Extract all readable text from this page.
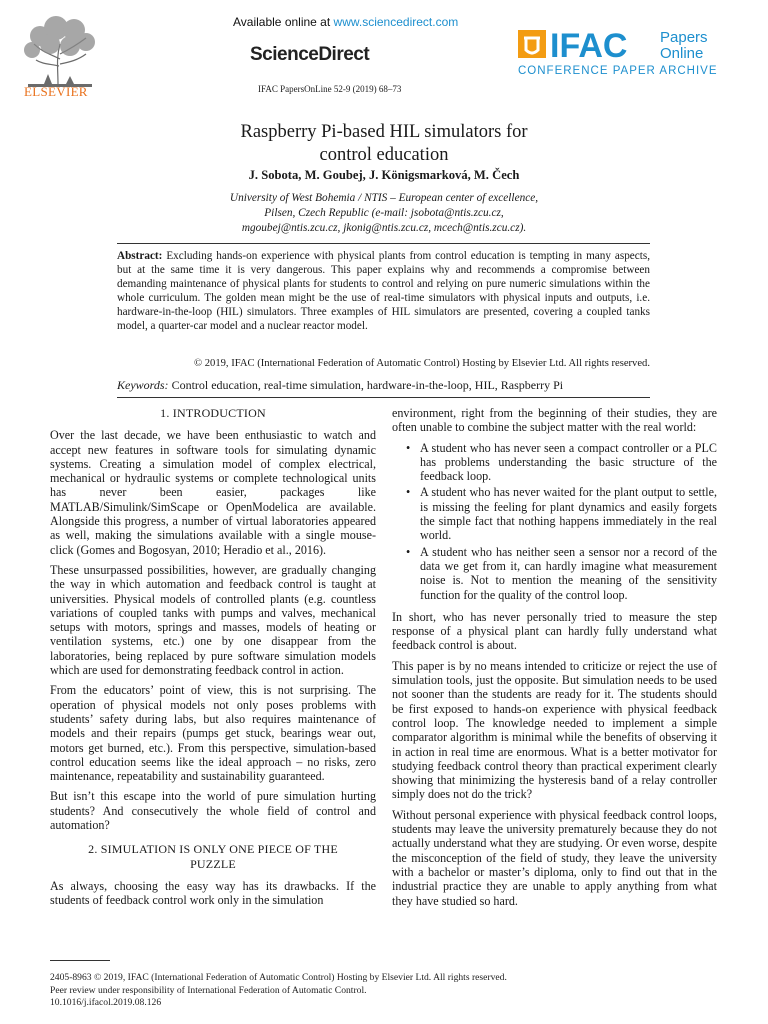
ELSEVIER
Available online at www.sciencedirect.com
ScienceDirect
IFAC PapersOnLine 52-9 (2019) 68–73
IFAC Papers
Online
CONFERENCE PAPER ARCHIVE
Raspberry Pi-based HIL simulators for
control education
J. Sobota, M. Goubej, J. Königsmarková, M. Čech
University of West Bohemia / NTIS – European center of excellence,
Pilsen, Czech Republic (e-mail: jsobota@ntis.zcu.cz,
mgoubej@ntis.zcu.cz, jkonig@ntis.zcu.cz, mcech@ntis.zcu.cz).
Abstract: Excluding hands-on experience with physical plants from control education is tempting in many aspects, but at the same time it is very dangerous. This paper explains why and recommends a compromise between demanding maintenance of physical plants for students to control and relying on pure numeric simulations within the whole curriculum. The golden mean might be the use of real-time simulators with physical inputs and outputs, i.e. hardware-in-the-loop (HIL) simulators. Three examples of HIL simulators are presented, covering a coupled tanks model, a quarter-car model and a nuclear reactor model.
© 2019, IFAC (International Federation of Automatic Control) Hosting by Elsevier Ltd. All rights reserved.
Keywords: Control education, real-time simulation, hardware-in-the-loop, HIL, Raspberry Pi
1. INTRODUCTION

Over the last decade, we have been enthusiastic to watch and accept new features in software tools for simulating dynamic systems. Creating a simulation model of complex electrical, mechanical or hydraulic systems or complete technological units has never been easier, packages like MATLAB/Simulink/SimScape or OpenModelica are available. Alongside this progress, a number of virtual laboratories appeared as well, making the simulations available with a single mouse-click (Gomes and Bogosyan, 2010; Heradio et al., 2016).

These unsurpassed possibilities, however, are gradually changing the way in which automation and feedback control is taught at universities. Physical models of controlled plants (e.g. countless variations of coupled tanks with pumps and valves, mechanical setups with motors, springs and masses, models of heating or ventilation systems, etc.) one by one disappear from the laboratories, being replaced by pure software simulation models which are used for demonstrating feedback control in action.

From the educators’ point of view, this is not surprising. The operation of physical models not only poses problems with students’ safety during labs, but also requires maintenance of models and their repairs (pumps get stuck, bearings wear out, motors get burned, etc.). From this perspective, simulation-based control education seems like the ideal approach – no risks, zero maintenance, repeatability and sustainability guaranteed.

But isn’t this escape into the world of pure simulation hurting students? And consecutively the whole field of control and automation?

2. SIMULATION IS ONLY ONE PIECE OF THE
PUZZLE

As always, choosing the easy way has its drawbacks. If the students of feedback control work only in the simulation

environment, right from the beginning of their studies, they are often unable to combine the subject matter with the real world:

• A student who has never seen a compact controller or a PLC has problems understanding the basic structure of the feedback loop.
• A student who has never waited for the plant output to settle, is missing the feeling for plant dynamics and easily forgets the simple fact that nothing happens immediately in the real world.
• A student who has neither seen a sensor nor a record of the data we get from it, can hardly imagine what measurement noise is. Not to mention the meaning of the sensitivity function for the quality of the control loop.

In short, who has never personally tried to measure the step response of a physical plant can hardly fully understand what feedback control is about.

This paper is by no means intended to criticize or reject the use of simulation tools, just the opposite. But simulation needs to be used not sooner than the students are ready for it. The students should be first exposed to hands-on experience with physical feedback control loop. The knowledge needed to implement a simple comparator algorithm is minimal while the benefits of observing it in action in real time are enormous. What is a better motivator for studying feedback control theory than practical experiment clearly showing that minimizing the hysteresis band of a relay controller simply does not do the trick?

Without personal experience with physical feedback control loops, students may leave the university prematurely because they do not actually understand what they are studying. Or even worse, despite the misconception of the field of study, they leave the university with a bachelor or master’s diploma, only to find out that in the industrial practice they are unable to apply anything from what they have studied so hard.

2405-8963 © 2019, IFAC (International Federation of Automatic Control) Hosting by Elsevier Ltd. All rights reserved.
Peer review under responsibility of International Federation of Automatic Control.
10.1016/j.ifacol.2019.08.126
